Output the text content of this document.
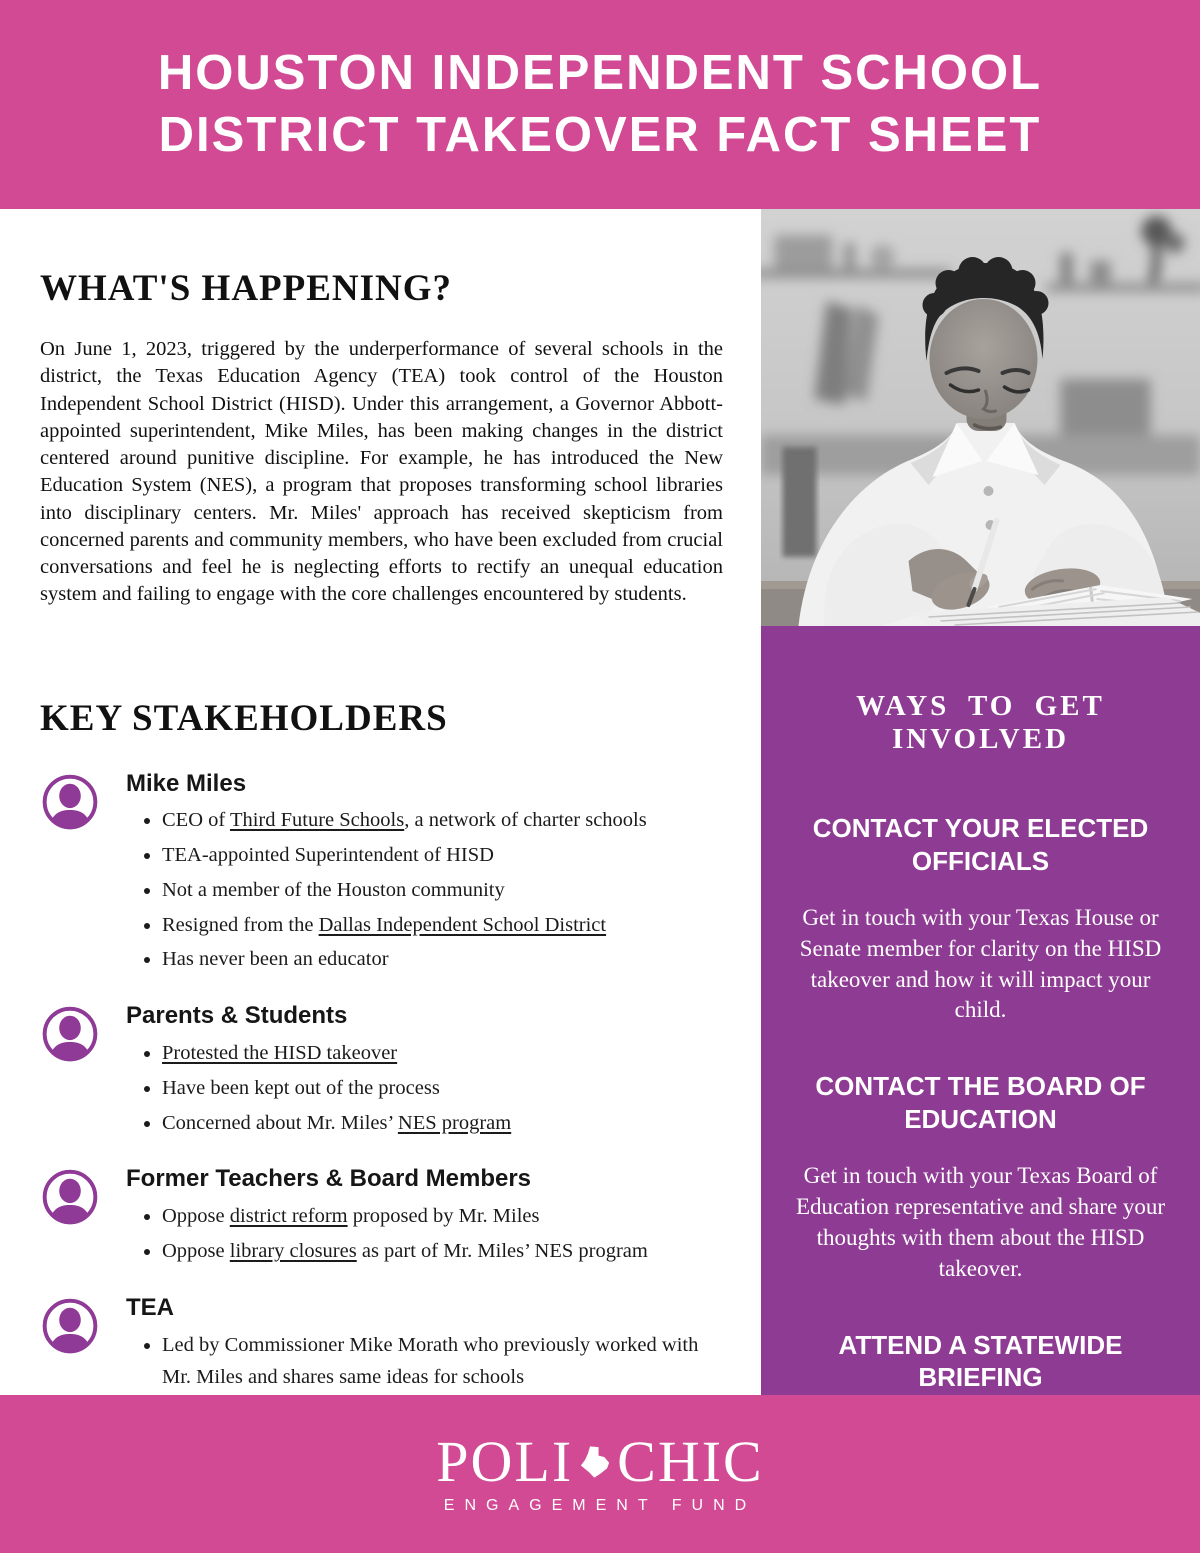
HOUSTON INDEPENDENT SCHOOL
DISTRICT TAKEOVER FACT SHEET
WHAT'S HAPPENING?

On June 1, 2023, triggered by the underperformance of several schools in the district, the Texas Education Agency (TEA) took control of the Houston Independent School District (HISD). Under this arrangement, a Governor Abbott-appointed superintendent, Mike Miles, has been making changes in the district centered around punitive discipline. For example, he has introduced the New Education System (NES), a program that proposes transforming school libraries into disciplinary centers. Mr. Miles' approach has received skepticism from concerned parents and community members, who have been excluded from crucial conversations and feel he is neglecting efforts to rectify an unequal education system and failing to engage with the core challenges encountered by students.

KEY STAKEHOLDERS
Mike Miles
• CEO of Third Future Schools, a network of charter schools
• TEA-appointed Superintendent of HISD
• Not a member of the Houston community
• Resigned from the Dallas Independent School District
• Has never been an educator
Parents & Students
• Protested the HISD takeover
• Have been kept out of the process
• Concerned about Mr. Miles’ NES program
Former Teachers & Board Members
• Oppose district reform proposed by Mr. Miles
• Oppose library closures as part of Mr. Miles’ NES program
TEA
• Led by Commissioner Mike Morath who previously worked with Mr. Miles and shares same ideas for schools
WAYS TO GET INVOLVED
CONTACT YOUR ELECTED OFFICIALS

Get in touch with your Texas House or Senate member for clarity on the HISD takeover and how it will impact your child.

CONTACT THE BOARD OF EDUCATION

Get in touch with your Texas Board of Education representative and share your thoughts with them about the HISD takeover.

ATTEND A STATEWIDE BRIEFING

POLI CHIC
ENGAGEMENT FUND
